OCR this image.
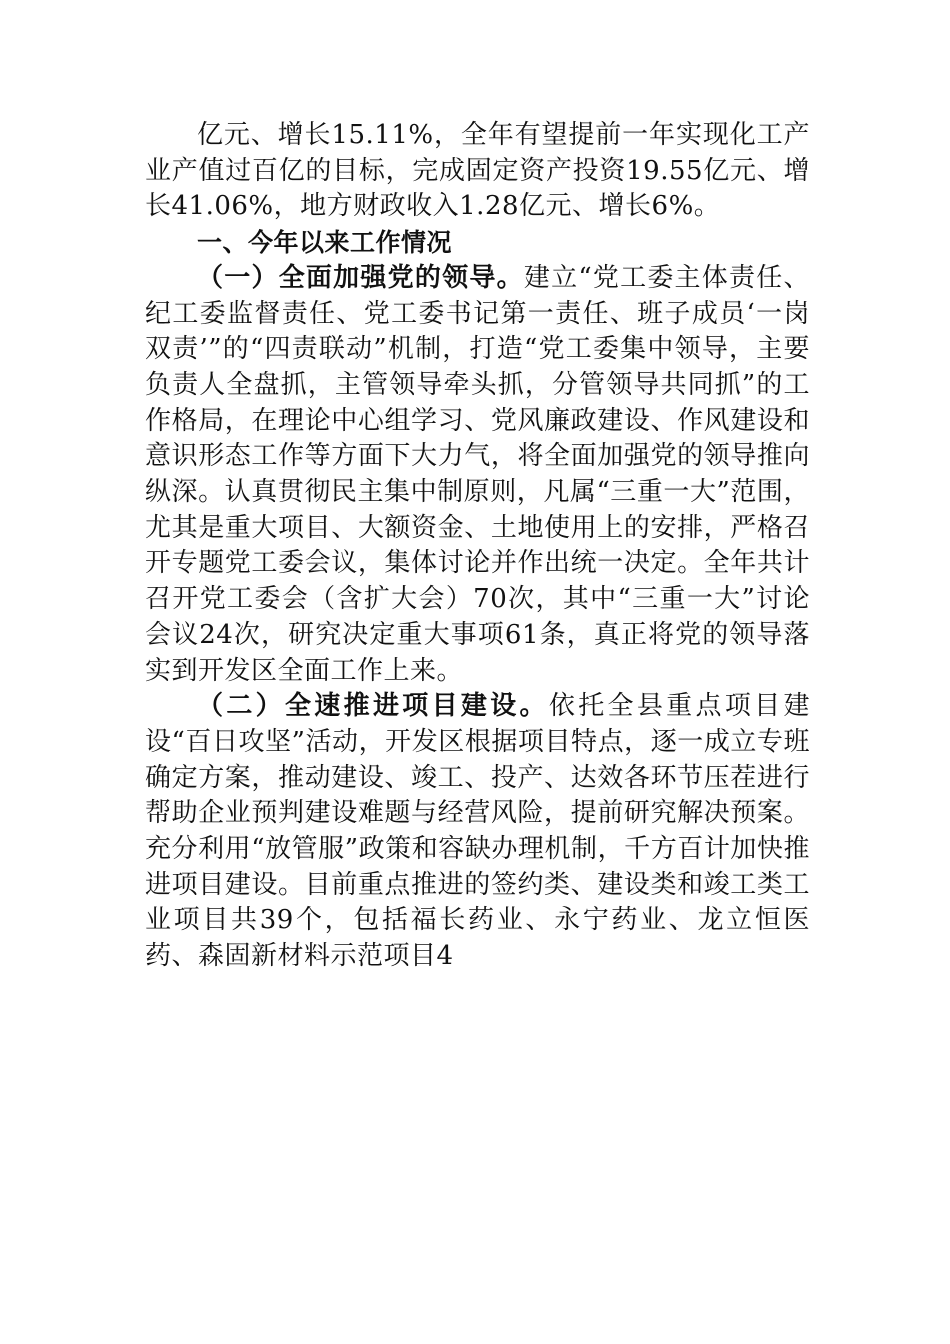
亿元、增长15.11%，全年有望提前一年实现化工产业产值过百亿的目标，完成固定资产投资19.55亿元、增长41.06%，地方财政收入1.28亿元、增长6%。

一、今年以来工作情况

（一）全面加强党的领导。建立“党工委主体责任、纪工委监督责任、党工委书记第一责任、班子成员‘一岗双责’”的“四责联动”机制，打造“党工委集中领导，主要负责人全盘抓，主管领导牵头抓，分管领导共同抓”的工作格局，在理论中心组学习、党风廉政建设、作风建设和意识形态工作等方面下大力气，将全面加强党的领导推向纵深。认真贯彻民主集中制原则，凡属“三重一大”范围，尤其是重大项目、大额资金、土地使用上的安排，严格召开专题党工委会议，集体讨论并作出统一决定。全年共计召开党工委会（含扩大会）70次，其中“三重一大”讨论会议24次，研究决定重大事项61条，真正将党的领导落实到开发区全面工作上来。

（二）全速推进项目建设。依托全县重点项目建设“百日攻坚”活动，开发区根据项目特点，逐一成立专班确定方案，推动建设、竣工、投产、达效各环节压茬进行帮助企业预判建设难题与经营风险，提前研究解决预案。充分利用“放管服”政策和容缺办理机制，千方百计加快推进项目建设。目前重点推进的签约类、建设类和竣工类工业项目共39个，包括福长药业、永宁药业、龙立恒医药、森固新材料示范项目4
